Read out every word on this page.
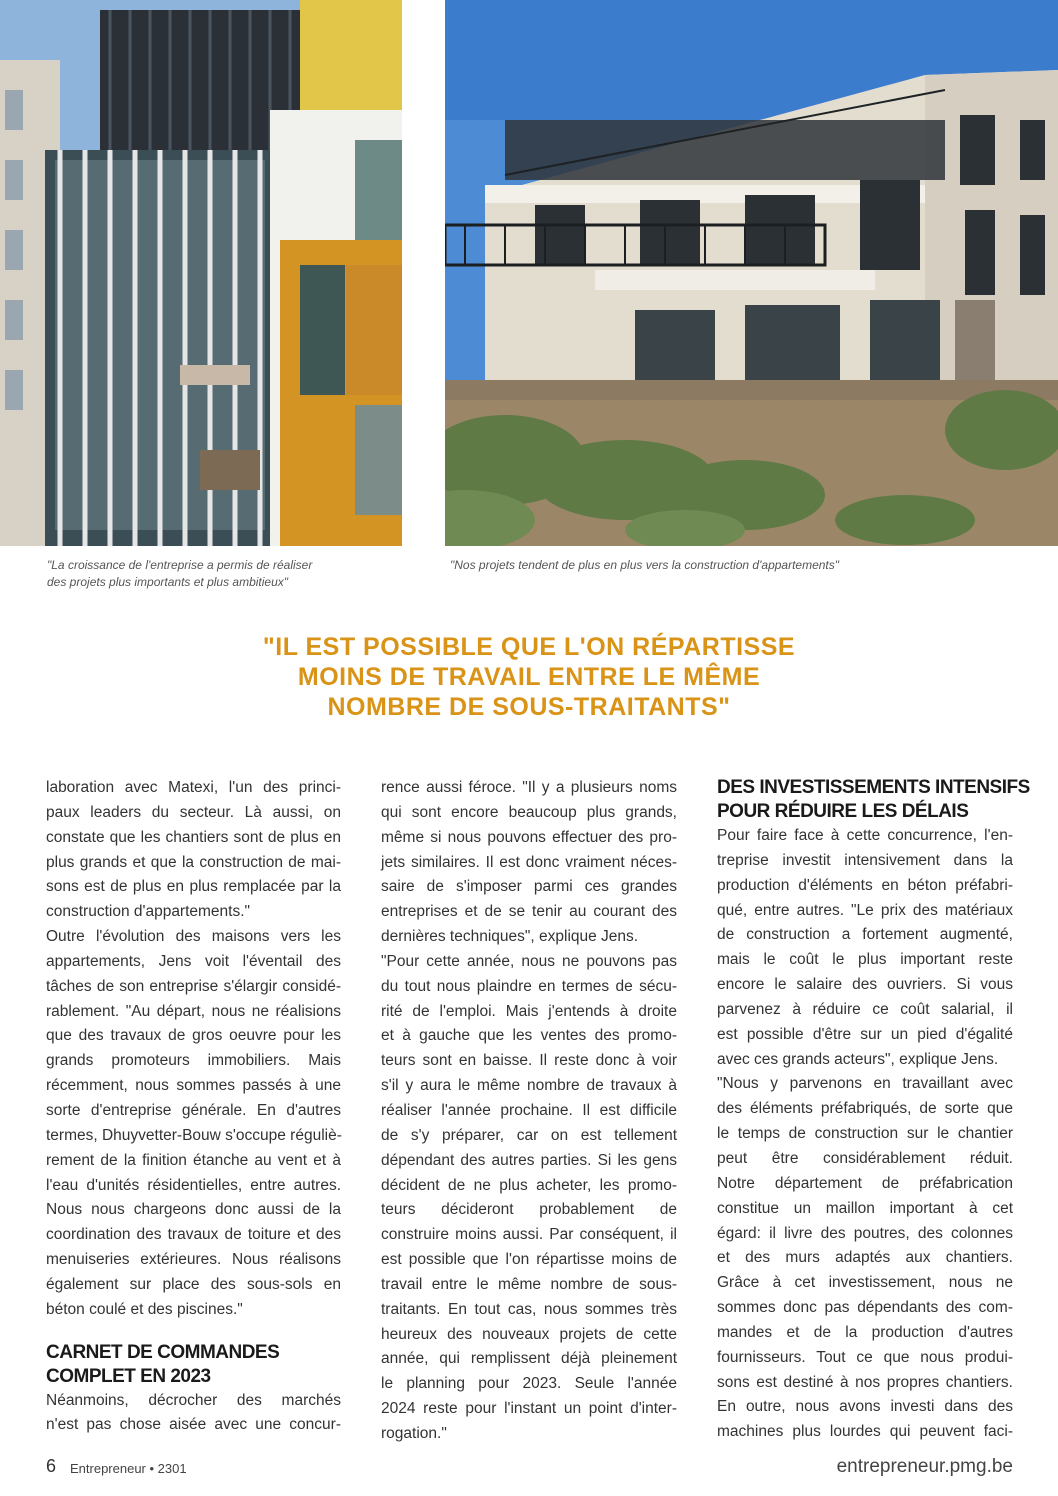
"La croissance de l'entreprise a permis de réaliser
des projets plus importants et plus ambitieux"
"Nos projets tendent de plus en plus vers la construction d'appartements"
"IL EST POSSIBLE QUE L'ON RÉPARTISSE
MOINS DE TRAVAIL ENTRE LE MÊME
NOMBRE DE SOUS-TRAITANTS"
laboration avec Matexi, l'un des princi-
paux leaders du secteur. Là aussi, on
constate que les chantiers sont de plus en
plus grands et que la construction de mai-
sons est de plus en plus remplacée par la
construction d'appartements."
Outre l'évolution des maisons vers les
appartements, Jens voit l'éventail des
tâches de son entreprise s'élargir considé-
rablement. "Au départ, nous ne réalisions
que des travaux de gros oeuvre pour les
grands promoteurs immobiliers. Mais
récemment, nous sommes passés à une
sorte d'entreprise générale. En d'autres
termes, Dhuyvetter-Bouw s'occupe réguliè-
rement de la finition étanche au vent et à
l'eau d'unités résidentielles, entre autres.
Nous nous chargeons donc aussi de la
coordination des travaux de toiture et des
menuiseries extérieures. Nous réalisons
également sur place des sous-sols en
béton coulé et des piscines."
CARNET DE COMMANDES
COMPLET EN 2023
Néanmoins, décrocher des marchés
n'est pas chose aisée avec une concur-
rence aussi féroce. "Il y a plusieurs noms
qui sont encore beaucoup plus grands,
même si nous pouvons effectuer des pro-
jets similaires. Il est donc vraiment néces-
saire de s'imposer parmi ces grandes
entreprises et de se tenir au courant des
dernières techniques", explique Jens.
"Pour cette année, nous ne pouvons pas
du tout nous plaindre en termes de sécu-
rité de l'emploi. Mais j'entends à droite
et à gauche que les ventes des promo-
teurs sont en baisse. Il reste donc à voir
s'il y aura le même nombre de travaux à
réaliser l'année prochaine. Il est difficile
de s'y préparer, car on est tellement
dépendant des autres parties. Si les gens
décident de ne plus acheter, les promo-
teurs décideront probablement de
construire moins aussi. Par conséquent, il
est possible que l'on répartisse moins de
travail entre le même nombre de sous-
traitants. En tout cas, nous sommes très
heureux des nouveaux projets de cette
année, qui remplissent déjà pleinement
le planning pour 2023. Seule l'année
2024 reste pour l'instant un point d'inter-
rogation."
DES INVESTISSEMENTS INTENSIFS
POUR RÉDUIRE LES DÉLAIS
Pour faire face à cette concurrence, l'en-
treprise investit intensivement dans la
production d'éléments en béton préfabri-
qué, entre autres. "Le prix des matériaux
de construction a fortement augmenté,
mais le coût le plus important reste
encore le salaire des ouvriers. Si vous
parvenez à réduire ce coût salarial, il
est possible d'être sur un pied d'égalité
avec ces grands acteurs", explique Jens.
"Nous y parvenons en travaillant avec
des éléments préfabriqués, de sorte que
le temps de construction sur le chantier
peut être considérablement réduit.
Notre département de préfabrication
constitue un maillon important à cet
égard: il livre des poutres, des colonnes
et des murs adaptés aux chantiers.
Grâce à cet investissement, nous ne
sommes donc pas dépendants des com-
mandes et de la production d'autres
fournisseurs. Tout ce que nous produi-
sons est destiné à nos propres chantiers.
En outre, nous avons investi dans des
machines plus lourdes qui peuvent faci-
6 Entrepreneur • 2301	entrepreneur.pmg.be
